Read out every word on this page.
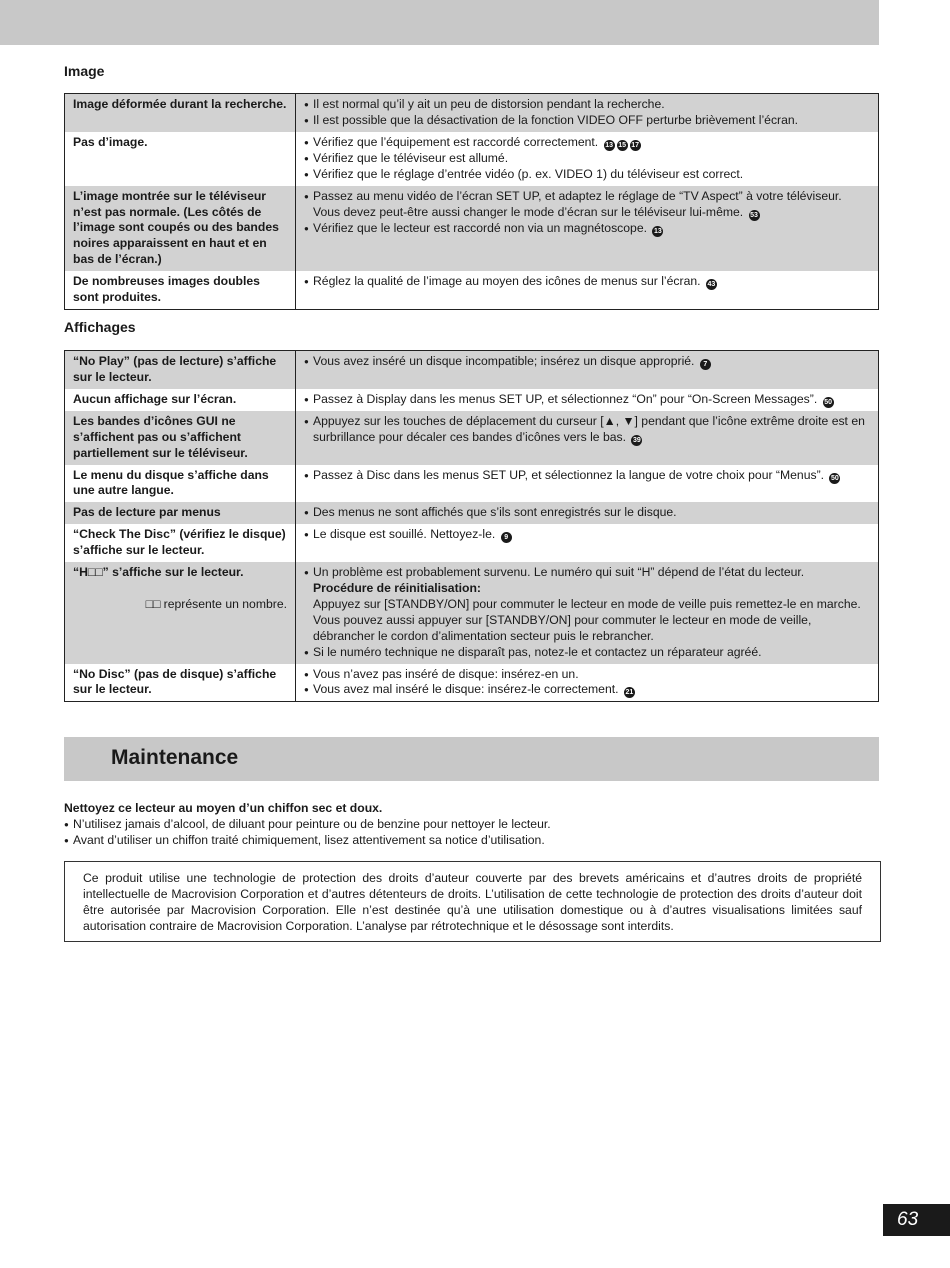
Image
Image déformée durant la recherche.	● Il est normal qu’il y ait un peu de distorsion pendant la recherche.
● Il est possible que la désactivation de la fonction VIDEO OFF perturbe brièvement l’écran.

Pas d’image.	● Vérifiez que l’équipement est raccordé correctement. 13 15 17
● Vérifiez que le téléviseur est allumé.
● Vérifiez que le réglage d’entrée vidéo (p. ex. VIDEO 1) du téléviseur est correct.

L’image montrée sur le téléviseur n’est pas normale. (Les côtés de l’image sont coupés ou des bandes noires apparaissent en haut et en bas de l’écran.)	● Passez au menu vidéo de l’écran SET UP, et adaptez le réglage de “TV Aspect” à votre téléviseur. Vous devez peut-être aussi changer le mode d’écran sur le téléviseur lui-même. 53
● Vérifiez que le lecteur est raccordé non via un magnétoscope. 13

De nombreuses images doubles sont produites.	● Réglez la qualité de l’image au moyen des icônes de menus sur l’écran. 43
Affichages
“No Play” (pas de lecture) s’affiche sur le lecteur.	● Vous avez inséré un disque incompatible; insérez un disque approprié. 7

Aucun affichage sur l’écran.	● Passez à Display dans les menus SET UP, et sélectionnez “On” pour “On-Screen Messages”. 50

Les bandes d’icônes GUI ne s’affichent pas ou s’affichent partiellement sur le téléviseur.	● Appuyez sur les touches de déplacement du curseur [▲, ▼] pendant que l’icône extrême droite est en surbrillance pour décaler ces bandes d’icônes vers le bas. 39

Le menu du disque s’affiche dans une autre langue.	● Passez à Disc dans les menus SET UP, et sélectionnez la langue de votre choix pour “Menus”. 50

Pas de lecture par menus	● Des menus ne sont affichés que s’ils sont enregistrés sur le disque.

“Check The Disc” (vérifiez le disque) s’affiche sur le lecteur.	● Le disque est souillé. Nettoyez-le. 9

“H□□” s’affiche sur le lecteur.
□□ représente un nombre.	● Un problème est probablement survenu. Le numéro qui suit “H” dépend de l’état du lecteur.
Procédure de réinitialisation:
Appuyez sur [STANDBY/ON] pour commuter le lecteur en mode de veille puis remettez-le en marche. Vous pouvez aussi appuyer sur [STANDBY/ON] pour commuter le lecteur en mode de veille, débrancher le cordon d’alimentation secteur puis le rebrancher.
● Si le numéro technique ne disparaît pas, notez-le et contactez un réparateur agréé.

“No Disc” (pas de disque) s’affiche sur le lecteur.	● Vous n’avez pas inséré de disque: insérez-en un.
● Vous avez mal inséré le disque: insérez-le correctement. 21
Maintenance
Nettoyez ce lecteur au moyen d’un chiffon sec et doux.
● N’utilisez jamais d’alcool, de diluant pour peinture ou de benzine pour nettoyer le lecteur.
● Avant d’utiliser un chiffon traité chimiquement, lisez attentivement sa notice d’utilisation.
Ce produit utilise une technologie de protection des droits d’auteur couverte par des brevets américains et d’autres droits de propriété intellectuelle de Macrovision Corporation et d’autres détenteurs de droits. L’utilisation de cette technologie de protection des droits d’auteur doit être autorisée par Macrovision Corporation. Elle n’est destinée qu’à une utilisation domestique ou à d’autres visualisations limitées sauf autorisation contraire de Macrovision Corporation. L’analyse par rétrotechnique et le désossage sont interdits.
63
